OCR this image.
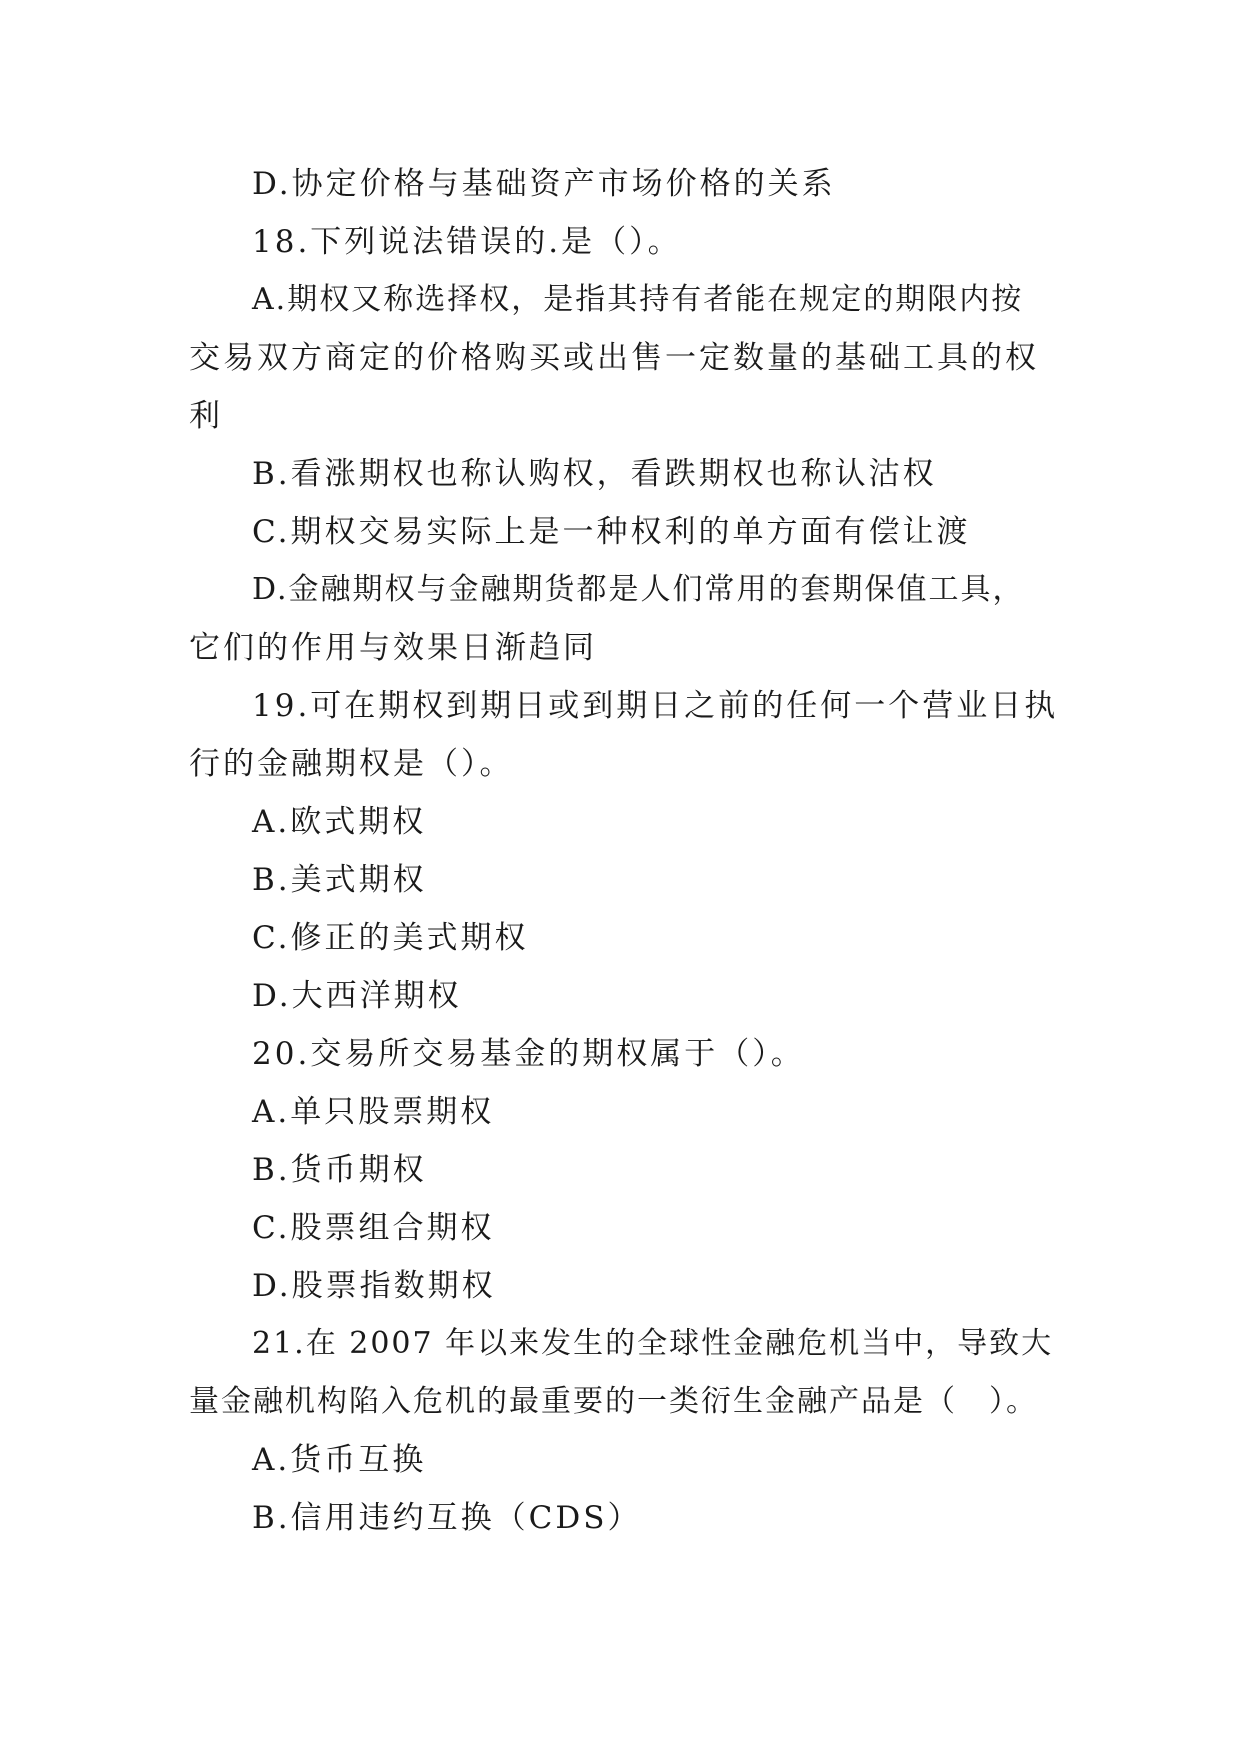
D.协定价格与基础资产市场价格的关系
18.下列说法错误的.是（）。
A.期权又称选择权，是指其持有者能在规定的期限内按
交易双方商定的价格购买或出售一定数量的基础工具的权
利
B.看涨期权也称认购权，看跌期权也称认沽权
C.期权交易实际上是一种权利的单方面有偿让渡
D.金融期权与金融期货都是人们常用的套期保值工具，
它们的作用与效果日渐趋同
19.可在期权到期日或到期日之前的任何一个营业日执
行的金融期权是（）。
A.欧式期权
B.美式期权
C.修正的美式期权
D.大西洋期权
20.交易所交易基金的期权属于（）。
A.单只股票期权
B.货币期权
C.股票组合期权
D.股票指数期权
21.在 2007 年以来发生的全球性金融危机当中，导致大
量金融机构陷入危机的最重要的一类衍生金融产品是（　）。
A.货币互换
B.信用违约互换（CDS）
